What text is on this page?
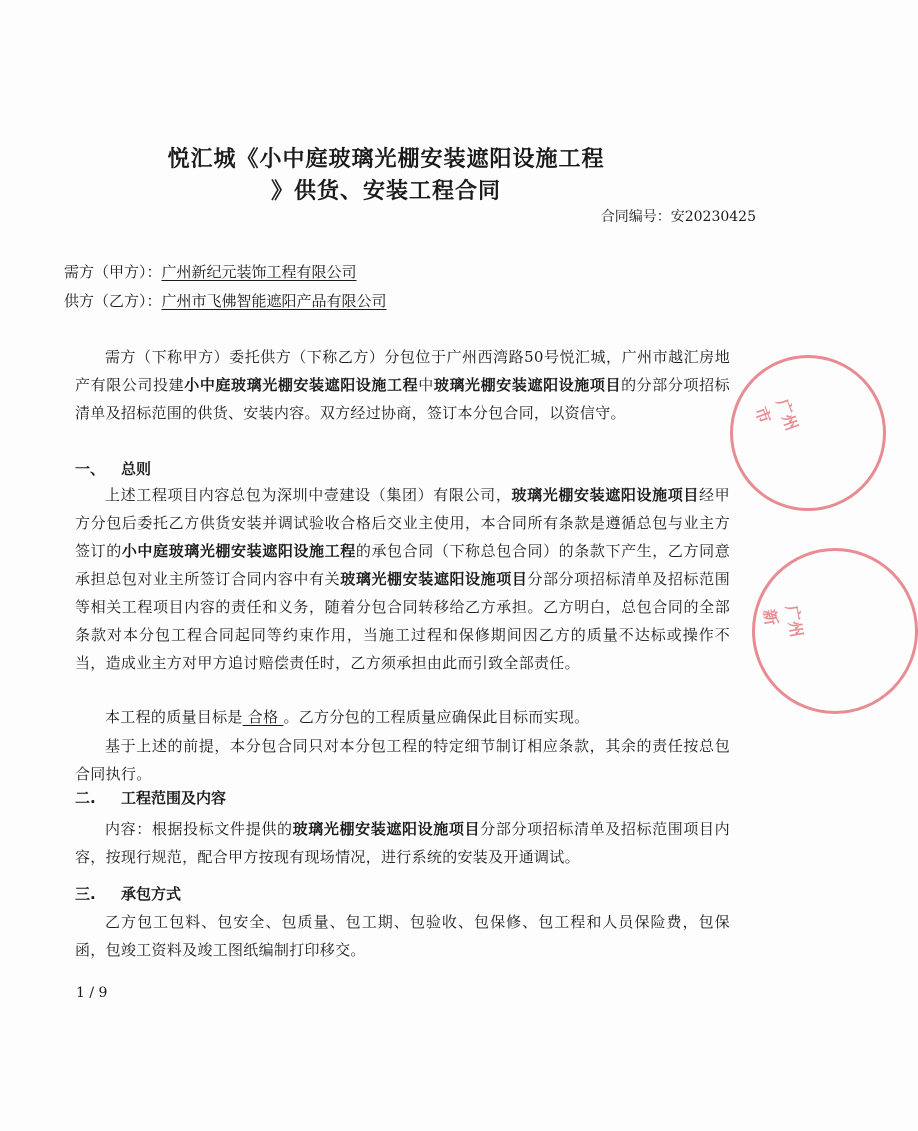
悦汇城《小中庭玻璃光棚安装遮阳设施工程
》供货、安装工程合同
合同编号：安20230425
需方（甲方）：广州新纪元装饰工程有限公司
供方（乙方）：广州市飞佛智能遮阳产品有限公司
需方（下称甲方）委托供方（下称乙方）分包位于广州西湾路50号悦汇城，广州市越汇房地产有限公司投建小中庭玻璃光棚安装遮阳设施工程中玻璃光棚安装遮阳设施项目的分部分项招标清单及招标范围的供货、安装内容。双方经过协商，签订本分包合同，以资信守。
一、 总则
上述工程项目内容总包为深圳中壹建设（集团）有限公司，玻璃光棚安装遮阳设施项目经甲方分包后委托乙方供货安装并调试验收合格后交业主使用，本合同所有条款是遵循总包与业主方签订的小中庭玻璃光棚安装遮阳设施工程的承包合同（下称总包合同）的条款下产生，乙方同意承担总包对业主所签订合同内容中有关玻璃光棚安装遮阳设施项目分部分项招标清单及招标范围等相关工程项目内容的责任和义务，随着分包合同转移给乙方承担。乙方明白，总包合同的全部条款对本分包工程合同起同等约束作用，当施工过程和保修期间因乙方的质量不达标或操作不当，造成业主方对甲方追讨赔偿责任时，乙方须承担由此而引致全部责任。
本工程的质量目标是 合格 。乙方分包的工程质量应确保此目标而实现。
基于上述的前提，本分包合同只对本分包工程的特定细节制订相应条款，其余的责任按总包合同执行。
二. 工程范围及内容
内容：根据投标文件提供的玻璃光棚安装遮阳设施项目分部分项招标清单及招标范围项目内容，按现行规范，配合甲方按现有现场情况，进行系统的安装及开通调试。
三. 承包方式
乙方包工包料、包安全、包质量、包工期、包验收、包保修、包工程和人员保险费，包保函，包竣工资料及竣工图纸编制打印移交。
1 / 9
广州市
广州新
